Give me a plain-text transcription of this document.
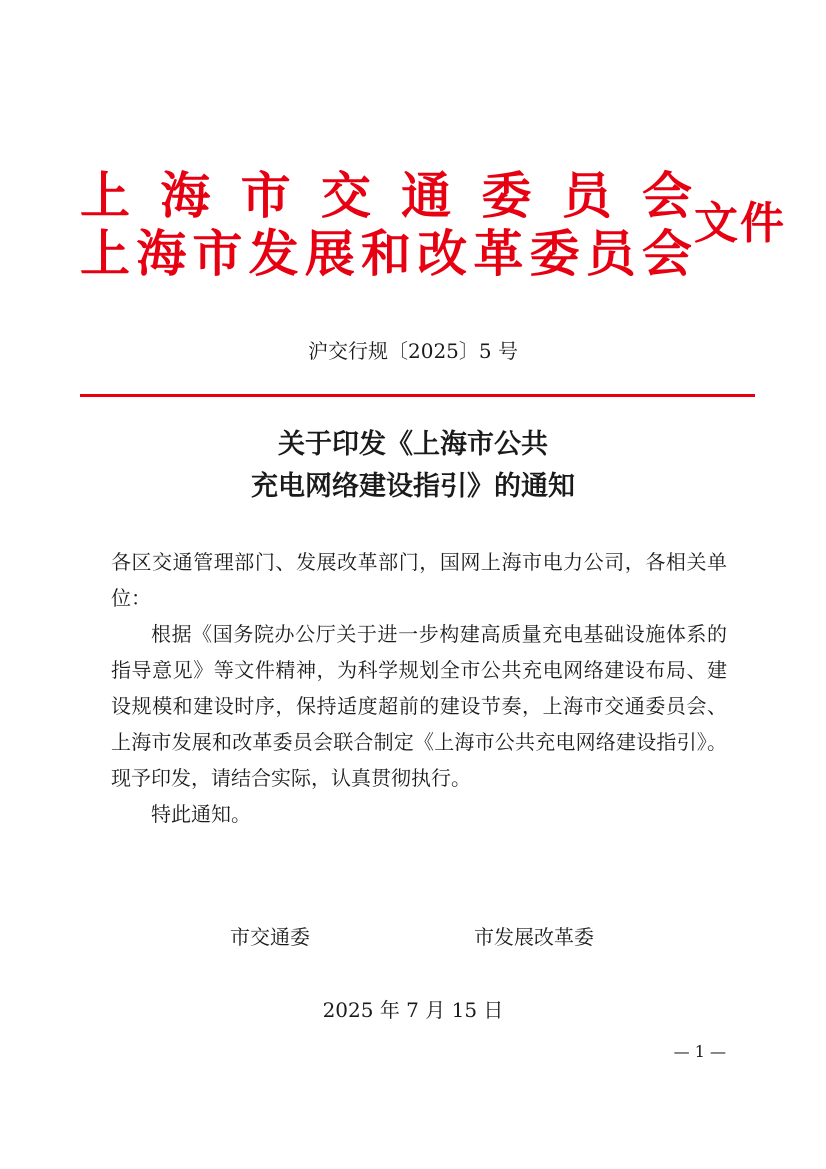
上 海 市 交 通 委 员 会
上 海 市 发 展 和 改 革 委 员 会
文件
沪交行规〔2025〕5 号
关于印发《上海市公共
充电网络建设指引》的通知

各区交通管理部门、发展改革部门，国网上海市电力公司，各相关单位：

根据《国务院办公厅关于进一步构建高质量充电基础设施体系的指导意见》等文件精神，为科学规划全市公共充电网络建设布局、建设规模和建设时序，保持适度超前的建设节奏，上海市交通委员会、上海市发展和改革委员会联合制定《上海市公共充电网络建设指引》。现予印发，请结合实际，认真贯彻执行。

特此通知。

市交通委	市发展改革委
2025 年 7 月 15 日
— 1 —
